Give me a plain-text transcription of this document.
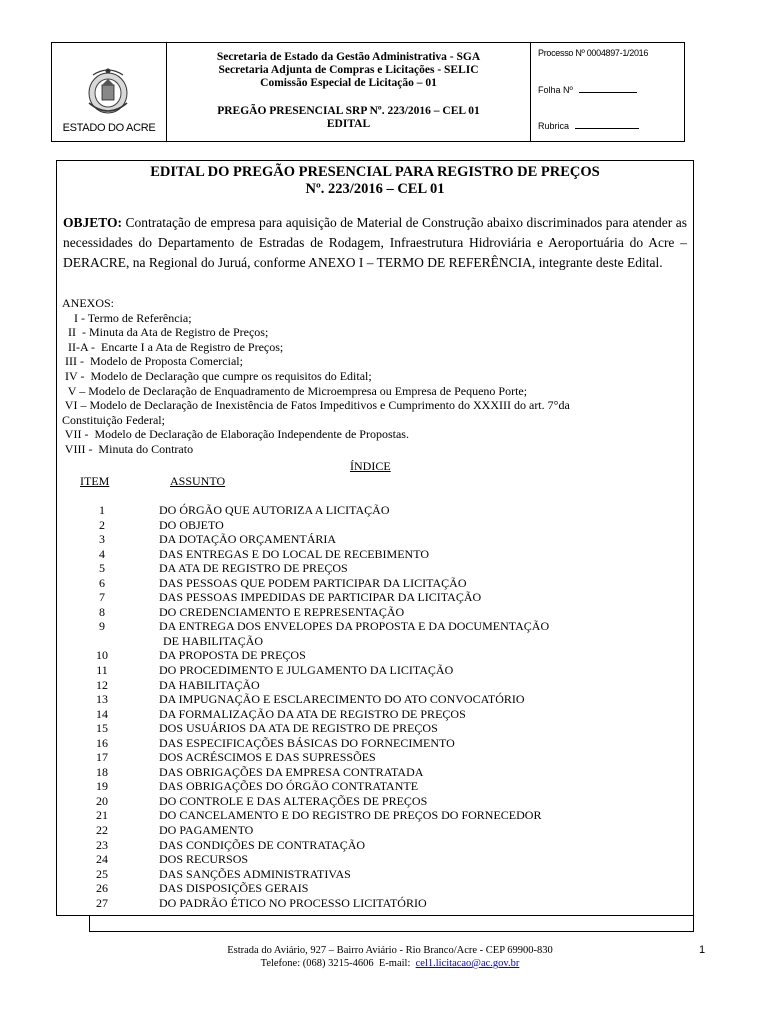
ESTADO DO ACRE
Secretaria de Estado da Gestão Administrativa - SGA
Secretaria Adjunta de Compras e Licitações - SELIC
Comissão Especial de Licitação – 01
PREGÃO PRESENCIAL SRP Nº. 223/2016 – CEL 01
EDITAL
Processo Nº 0004897-1/2016
Folha Nº
Rubrica
EDITAL DO PREGÃO PRESENCIAL PARA REGISTRO DE PREÇOS
Nº. 223/2016 – CEL 01
OBJETO: Contratação de empresa para aquisição de Material de Construção abaixo discriminados para atender as necessidades do Departamento de Estradas de Rodagem, Infraestrutura Hidroviária e Aeroportuária do Acre – DERACRE, na Regional do Juruá, conforme ANEXO I – TERMO DE REFERÊNCIA, integrante deste Edital.
ANEXOS:
I - Termo de Referência;
II  - Minuta da Ata de Registro de Preços;
II-A -  Encarte I a Ata de Registro de Preços;
III -  Modelo de Proposta Comercial;
IV -  Modelo de Declaração que cumpre os requisitos do Edital;
V – Modelo de Declaração de Enquadramento de Microempresa ou Empresa de Pequeno Porte;
VI – Modelo de Declaração de Inexistência de Fatos Impeditivos e Cumprimento do XXXIII do art. 7°da
Constituição Federal;
VII -  Modelo de Declaração de Elaboração Independente de Propostas.
VIII -  Minuta do Contrato
ÍNDICE
ITEM	ASSUNTO
1	DO ÓRGÃO QUE AUTORIZA A LICITAÇÃO
2	DO OBJETO
3	DA DOTAÇÃO ORÇAMENTÁRIA
4	DAS ENTREGAS E DO LOCAL DE RECEBIMENTO
5	DA ATA DE REGISTRO DE PREÇOS
6	DAS PESSOAS QUE PODEM PARTICIPAR DA LICITAÇÃO
7	DAS PESSOAS IMPEDIDAS DE PARTICIPAR DA LICITAÇÃO
8	DO CREDENCIAMENTO E REPRESENTAÇÃO
9	DA ENTREGA DOS ENVELOPES DA PROPOSTA E DA DOCUMENTAÇÃO
DE HABILITAÇÃO
10	DA PROPOSTA DE PREÇOS
11	DO PROCEDIMENTO E JULGAMENTO DA LICITAÇÃO
12	DA HABILITAÇÃO
13	DA IMPUGNAÇÃO E ESCLARECIMENTO DO ATO CONVOCATÓRIO
14	DA FORMALIZAÇÃO DA ATA DE REGISTRO DE PREÇOS
15	DOS USUÁRIOS DA ATA DE REGISTRO DE PREÇOS
16	DAS ESPECIFICAÇÕES BÁSICAS DO FORNECIMENTO
17	DOS ACRÉSCIMOS E DAS SUPRESSÕES
18	DAS OBRIGAÇÕES DA EMPRESA CONTRATADA
19	DAS OBRIGAÇÕES DO ÓRGÃO CONTRATANTE
20	DO CONTROLE E DAS ALTERAÇÕES DE PREÇOS
21	DO CANCELAMENTO E DO REGISTRO DE PREÇOS DO FORNECEDOR
22	DO PAGAMENTO
23	DAS CONDIÇÕES DE CONTRATAÇÃO
24	DOS RECURSOS
25	DAS SANÇÕES ADMINISTRATIVAS
26	DAS DISPOSIÇÕES GERAIS
27	DO PADRÃO ÉTICO NO PROCESSO LICITATÓRIO
Estrada do Aviário, 927 – Bairro Aviário - Rio Branco/Acre - CEP 69900-830
Telefone: (068) 3215-4606  E-mail:  cel1.licitacao@ac.gov.br
1
